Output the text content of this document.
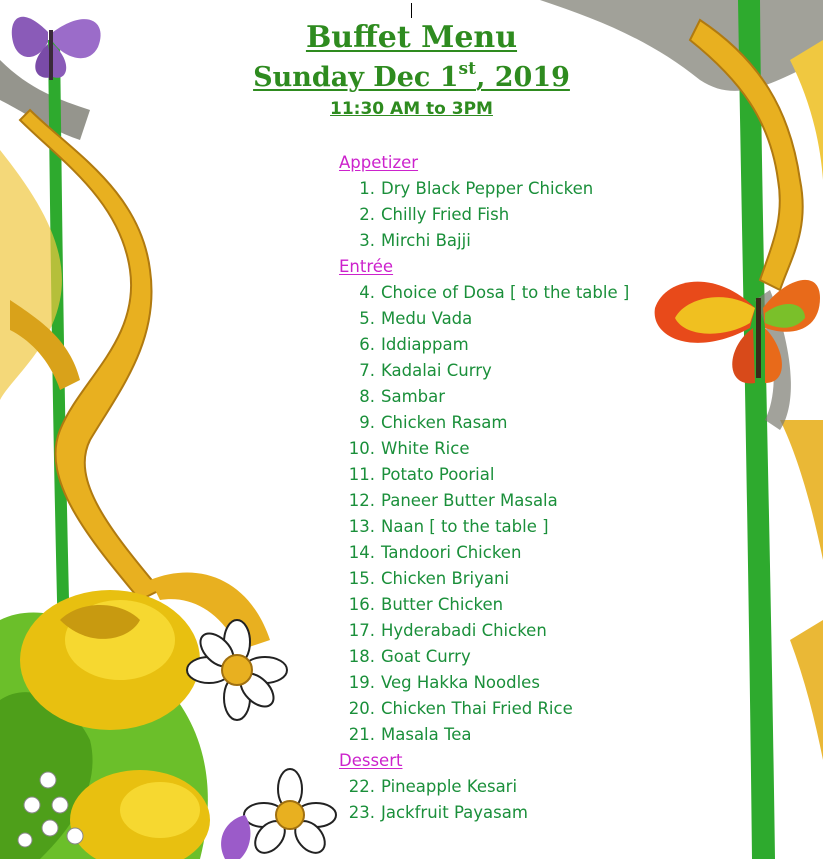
Buffet Menu
Sunday Dec 1st, 2019
11:30 AM to 3PM
Appetizer
1. Dry Black Pepper Chicken
2. Chilly Fried Fish
3. Mirchi Bajji
Entrée
4. Choice of Dosa [ to the table ]
5. Medu Vada
6. Iddiappam
7. Kadalai Curry
8. Sambar
9. Chicken Rasam
10. White Rice
11. Potato Poorial
12. Paneer Butter Masala
13. Naan [ to the table ]
14. Tandoori Chicken
15. Chicken Briyani
16. Butter Chicken
17. Hyderabadi Chicken
18. Goat Curry
19. Veg Hakka Noodles
20. Chicken Thai Fried Rice
21. Masala Tea
Dessert
22. Pineapple Kesari
23. Jackfruit Payasam
